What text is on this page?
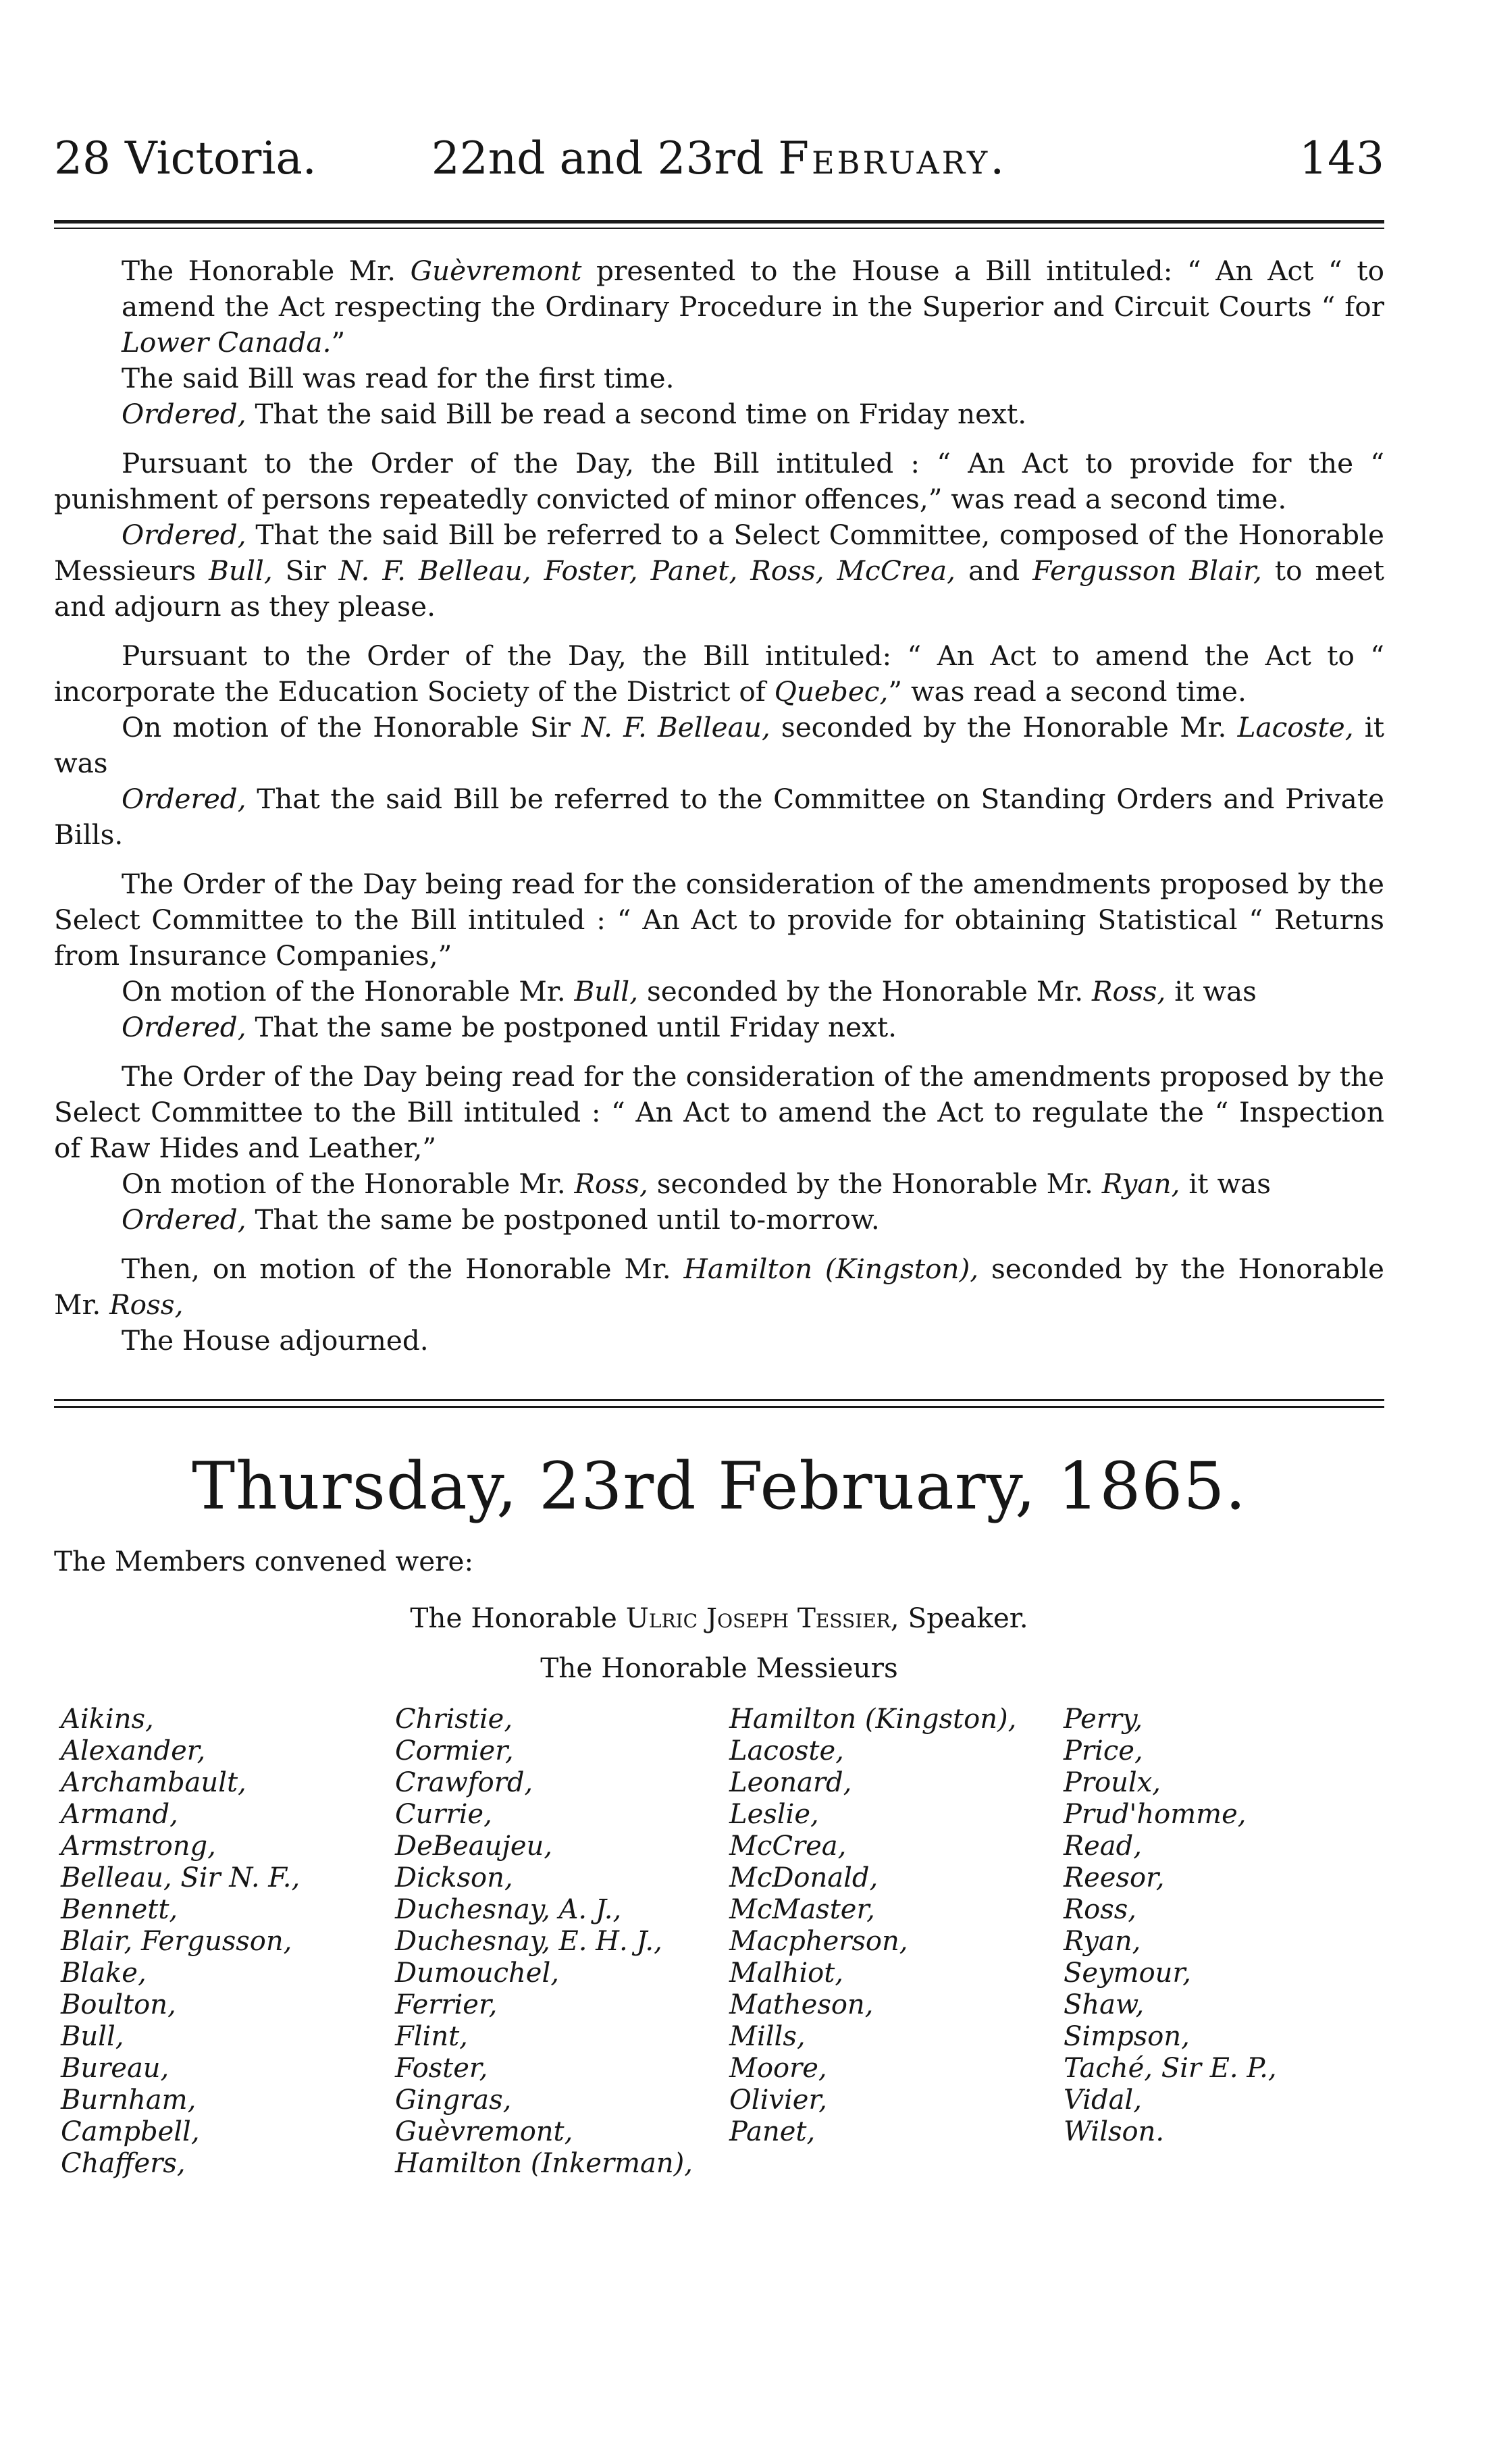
28 Victoria.	22nd and 23rd February.	143

The Honorable Mr. Guèvremont presented to the House a Bill intituled: “ An Act “ to amend the Act respecting the Ordinary Procedure in the Superior and Circuit Courts “ for Lower Canada.”

The said Bill was read for the first time.

Ordered, That the said Bill be read a second time on Friday next.

Pursuant to the Order of the Day, the Bill intituled : “ An Act to provide for the “ punishment of persons repeatedly convicted of minor offences,” was read a second time.

Ordered, That the said Bill be referred to a Select Committee, composed of the Honorable Messieurs Bull, Sir N. F. Belleau, Foster, Panet, Ross, McCrea, and Fergusson Blair, to meet and adjourn as they please.

Pursuant to the Order of the Day, the Bill intituled: “ An Act to amend the Act to “ incorporate the Education Society of the District of Quebec,” was read a second time.

On motion of the Honorable Sir N. F. Belleau, seconded by the Honorable Mr. Lacoste, it was

Ordered, That the said Bill be referred to the Committee on Standing Orders and Private Bills.

The Order of the Day being read for the consideration of the amendments proposed by the Select Committee to the Bill intituled : “ An Act to provide for obtaining Statistical “ Returns from Insurance Companies,”

On motion of the Honorable Mr. Bull, seconded by the Honorable Mr. Ross, it was

Ordered, That the same be postponed until Friday next.

The Order of the Day being read for the consideration of the amendments proposed by the Select Committee to the Bill intituled : “ An Act to amend the Act to regulate the “ Inspection of Raw Hides and Leather,”

On motion of the Honorable Mr. Ross, seconded by the Honorable Mr. Ryan, it was

Ordered, That the same be postponed until to-morrow.

Then, on motion of the Honorable Mr. Hamilton (Kingston), seconded by the Honorable Mr. Ross,

The House adjourned.

Thursday, 23rd February, 1865.
The Members convened were:
The Honorable Ulric Joseph Tessier, Speaker.
The Honorable Messieurs
Aikins,
Alexander,
Archambault,
Armand,
Armstrong,
Belleau, Sir N. F.,
Bennett,
Blair, Fergusson,
Blake,
Boulton,
Bull,
Bureau,
Burnham,
Campbell,
Chaffers,
Christie,
Cormier,
Crawford,
Currie,
DeBeaujeu,
Dickson,
Duchesnay, A. J.,
Duchesnay, E. H. J.,
Dumouchel,
Ferrier,
Flint,
Foster,
Gingras,
Guèvremont,
Hamilton (Inkerman),
Hamilton (Kingston),
Lacoste,
Leonard,
Leslie,
McCrea,
McDonald,
McMaster,
Macpherson,
Malhiot,
Matheson,
Mills,
Moore,
Olivier,
Panet,
Perry,
Price,
Proulx,
Prud'homme,
Read,
Reesor,
Ross,
Ryan,
Seymour,
Shaw,
Simpson,
Taché, Sir E. P.,
Vidal,
Wilson.
